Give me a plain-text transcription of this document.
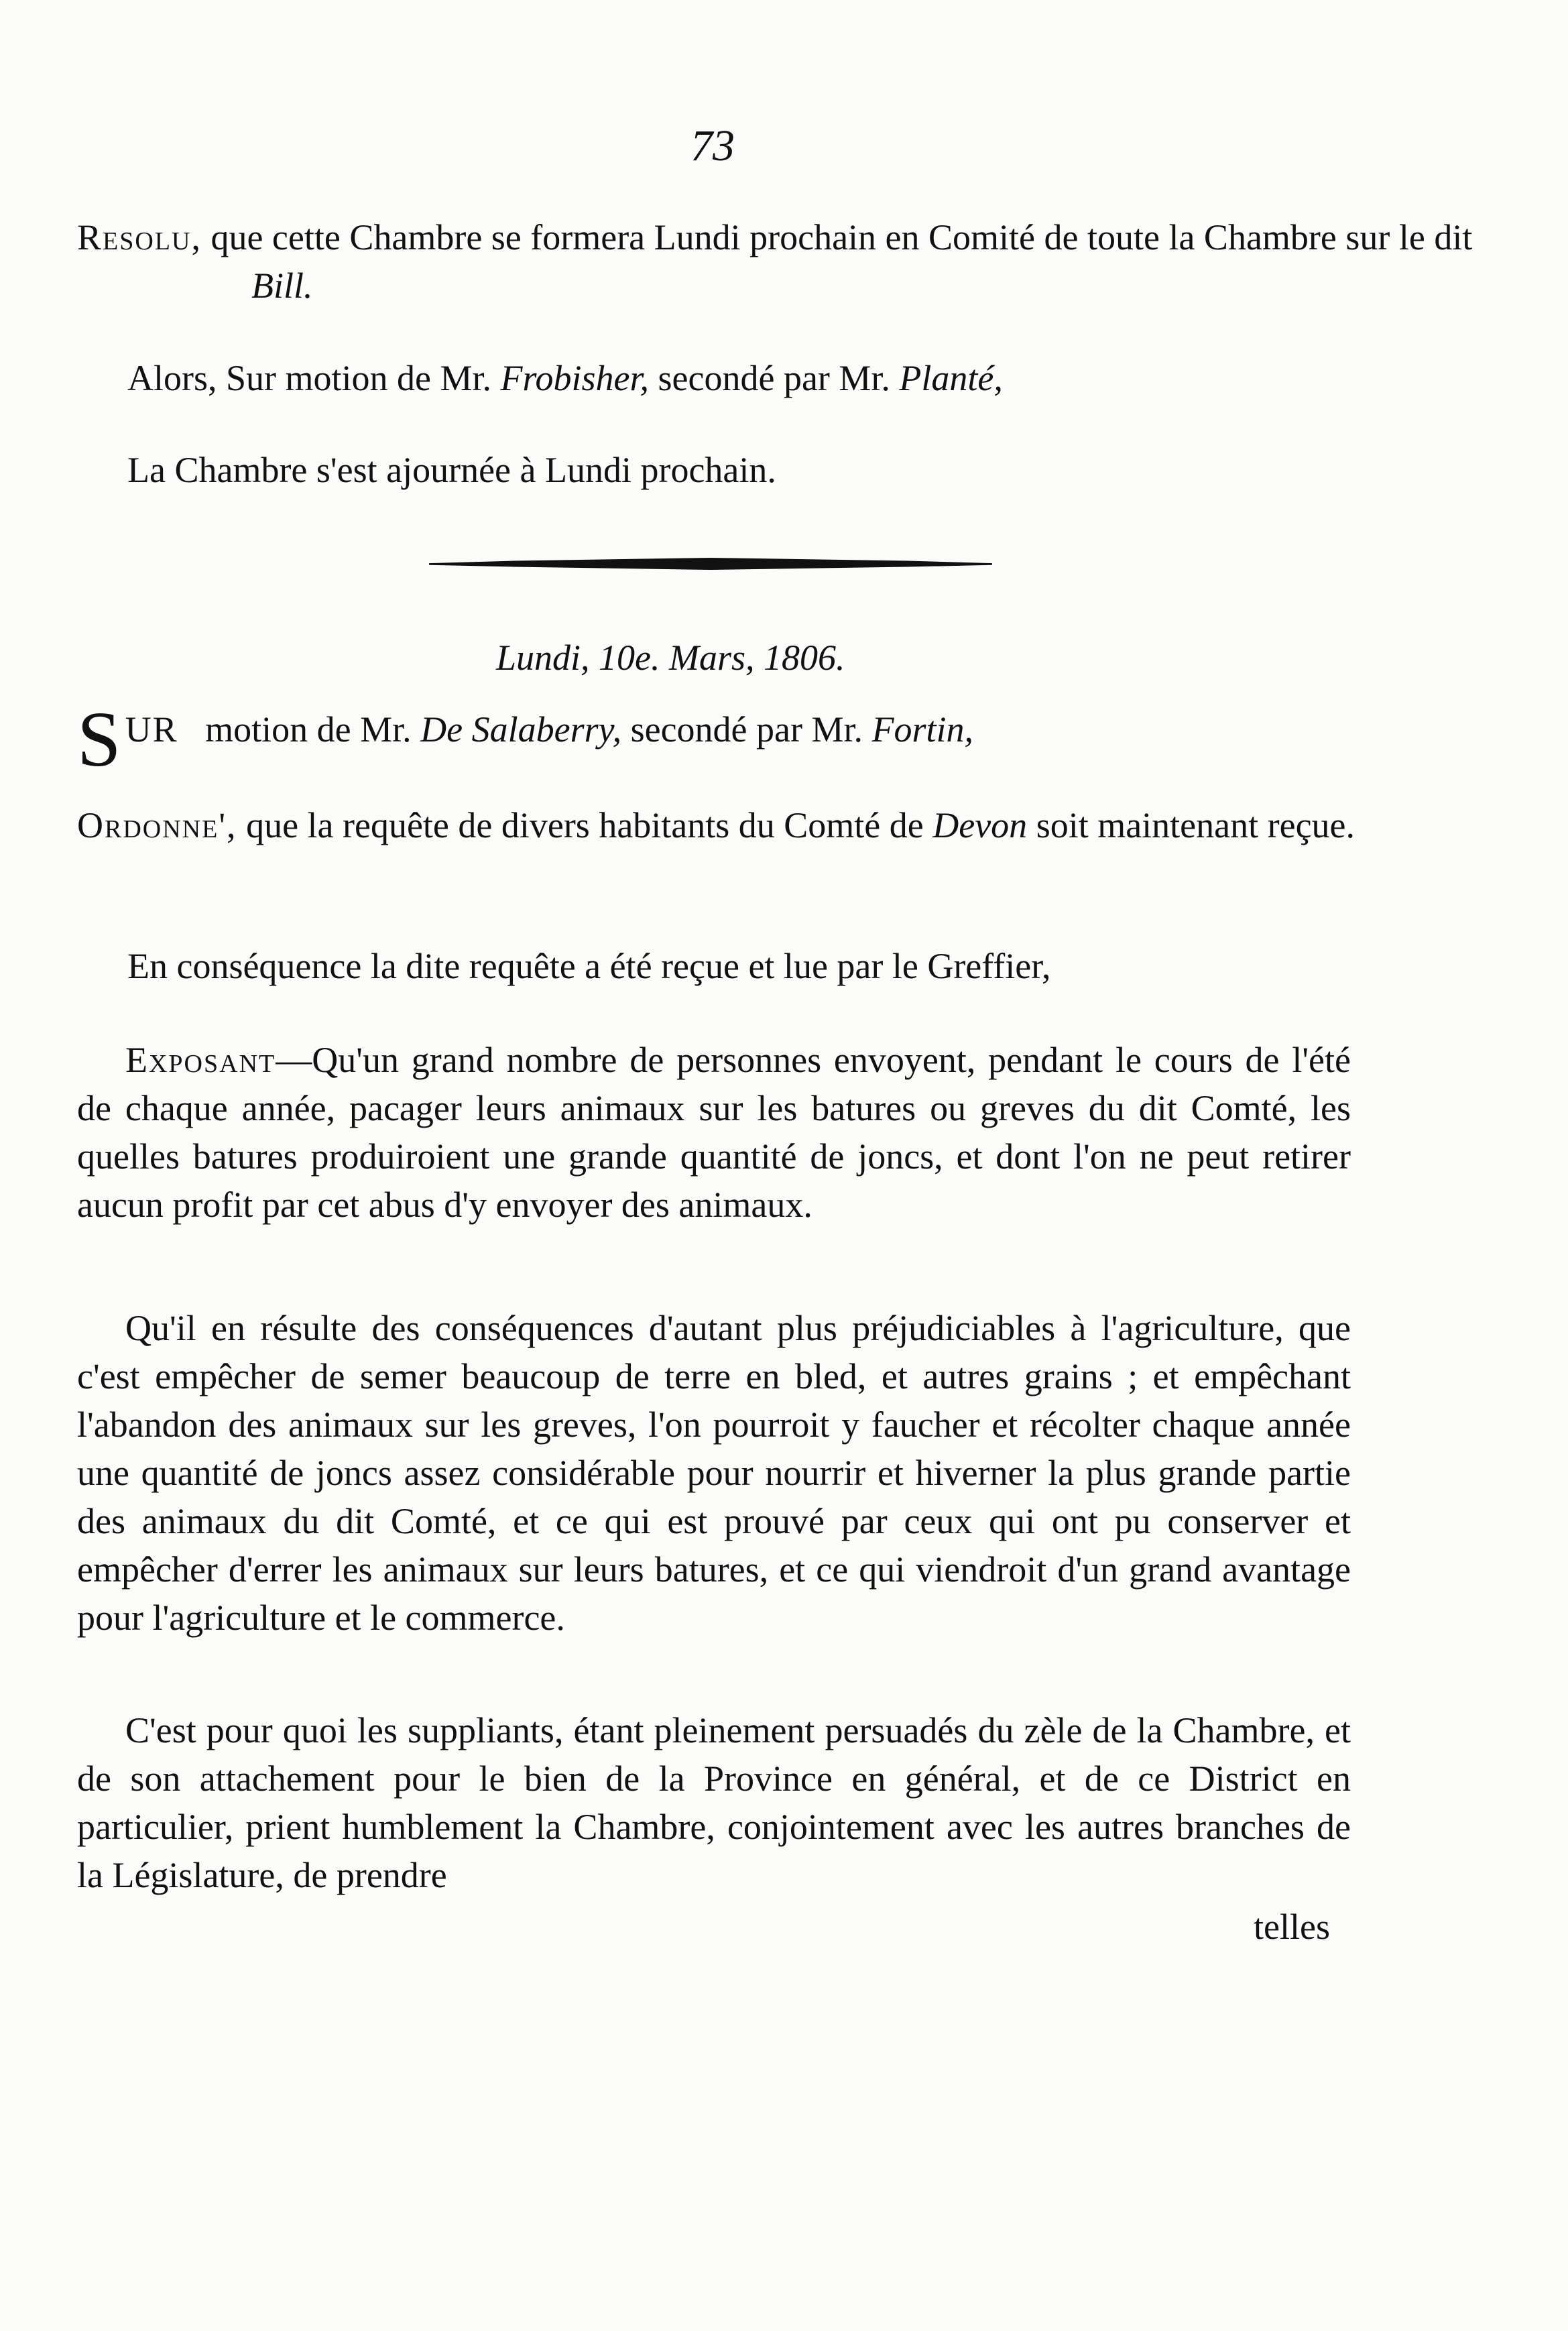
73

Resolu, que cette Chambre se formera Lundi prochain en Comité de toute la Chambre sur le dit Bill.

Alors, Sur motion de Mr. Frobisher, secondé par Mr. Planté,

La Chambre s'est ajournée à Lundi prochain.

Lundi, 10e. Mars, 1806.

SUR motion de Mr. De Salaberry, secondé par Mr. Fortin,

Ordonne', que la requête de divers habitants du Comté de Devon soit maintenant reçue.

En conséquence la dite requête a été reçue et lue par le Greffier,

Exposant—Qu'un grand nombre de personnes envoyent, pendant le cours de l'été de chaque année, pacager leurs animaux sur les batures ou greves du dit Comté, les quelles batures produiroient une grande quantité de joncs, et dont l'on ne peut retirer aucun profit par cet abus d'y envoyer des animaux.

Qu'il en résulte des conséquences d'autant plus préjudiciables à l'agriculture, que c'est empêcher de semer beaucoup de terre en bled, et autres grains ; et empêchant l'abandon des animaux sur les greves, l'on pourroit y faucher et récolter chaque année une quantité de joncs assez considérable pour nourrir et hiverner la plus grande partie des animaux du dit Comté, et ce qui est prouvé par ceux qui ont pu conserver et empêcher d'errer les animaux sur leurs batures, et ce qui viendroit d'un grand avantage pour l'agriculture et le commerce.

C'est pour quoi les suppliants, étant pleinement persuadés du zèle de la Chambre, et de son attachement pour le bien de la Province en général, et de ce District en particulier, prient humblement la Chambre, conjointement avec les autres branches de la Législature, de prendre

telles
